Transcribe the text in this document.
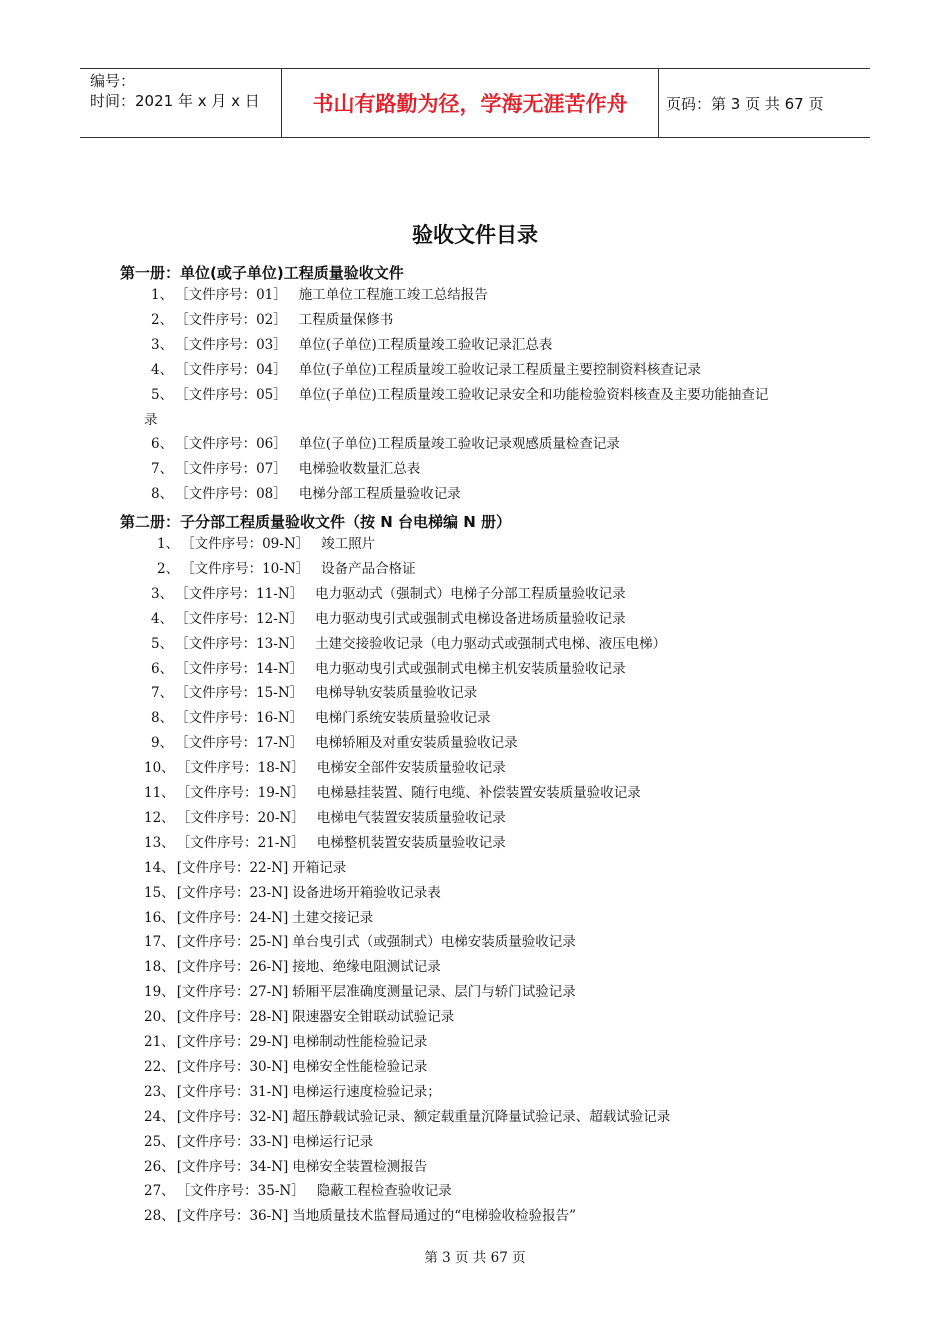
编号：
时间：2021 年 x 月 x 日	书山有路勤为径，学海无涯苦作舟	页码：第 3 页 共 67 页
验收文件目录
第一册：单位(或子单位)工程质量验收文件
1、 ［文件序号：01］ 施工单位工程施工竣工总结报告
2、 ［文件序号：02］ 工程质量保修书
3、 ［文件序号：03］ 单位(子单位)工程质量竣工验收记录汇总表
4、 ［文件序号：04］ 单位(子单位)工程质量竣工验收记录工程质量主要控制资料核查记录
5、 ［文件序号：05］ 单位(子单位)工程质量竣工验收记录安全和功能检验资料核查及主要功能抽查记
录
6、 ［文件序号：06］ 单位(子单位)工程质量竣工验收记录观感质量检查记录
7、 ［文件序号：07］ 电梯验收数量汇总表
8、 ［文件序号：08］ 电梯分部工程质量验收记录
第二册：子分部工程质量验收文件（按 N 台电梯编 N 册）
1、 ［文件序号：09-N］ 竣工照片
2、 ［文件序号：10-N］ 设备产品合格证
3、 ［文件序号：11-N］ 电力驱动式（强制式）电梯子分部工程质量验收记录
4、 ［文件序号：12-N］ 电力驱动曳引式或强制式电梯设备进场质量验收记录
5、 ［文件序号：13-N］ 土建交接验收记录（电力驱动式或强制式电梯、液压电梯）
6、 ［文件序号：14-N］ 电力驱动曳引式或强制式电梯主机安装质量验收记录
7、 ［文件序号：15-N］ 电梯导轨安装质量验收记录
8、 ［文件序号：16-N］ 电梯门系统安装质量验收记录
9、 ［文件序号：17-N］ 电梯轿厢及对重安装质量验收记录
10、 ［文件序号：18-N］ 电梯安全部件安装质量验收记录
11、 ［文件序号：19-N］ 电梯悬挂装置、随行电缆、补偿装置安装质量验收记录
12、 ［文件序号：20-N］ 电梯电气装置安装质量验收记录
13、 ［文件序号：21-N］ 电梯整机装置安装质量验收记录
14、 [文件序号：22-N] 开箱记录
15、 [文件序号：23-N] 设备进场开箱验收记录表
16、 [文件序号：24-N] 土建交接记录
17、 [文件序号：25-N] 单台曳引式（或强制式）电梯安装质量验收记录
18、 [文件序号：26-N] 接地、绝缘电阻测试记录
19、 [文件序号：27-N] 轿厢平层准确度测量记录、层门与轿门试验记录
20、 [文件序号：28-N] 限速器安全钳联动试验记录
21、 [文件序号：29-N] 电梯制动性能检验记录
22、 [文件序号：30-N] 电梯安全性能检验记录
23、 [文件序号：31-N] 电梯运行速度检验记录；
24、 [文件序号：32-N] 超压静载试验记录、额定载重量沉降量试验记录、超载试验记录
25、 [文件序号：33-N] 电梯运行记录
26、 [文件序号：34-N] 电梯安全装置检测报告
27、 ［文件序号：35-N］ 隐蔽工程检查验收记录
28、 [文件序号：36-N] 当地质量技术监督局通过的“电梯验收检验报告”
第 3 页 共 67 页
